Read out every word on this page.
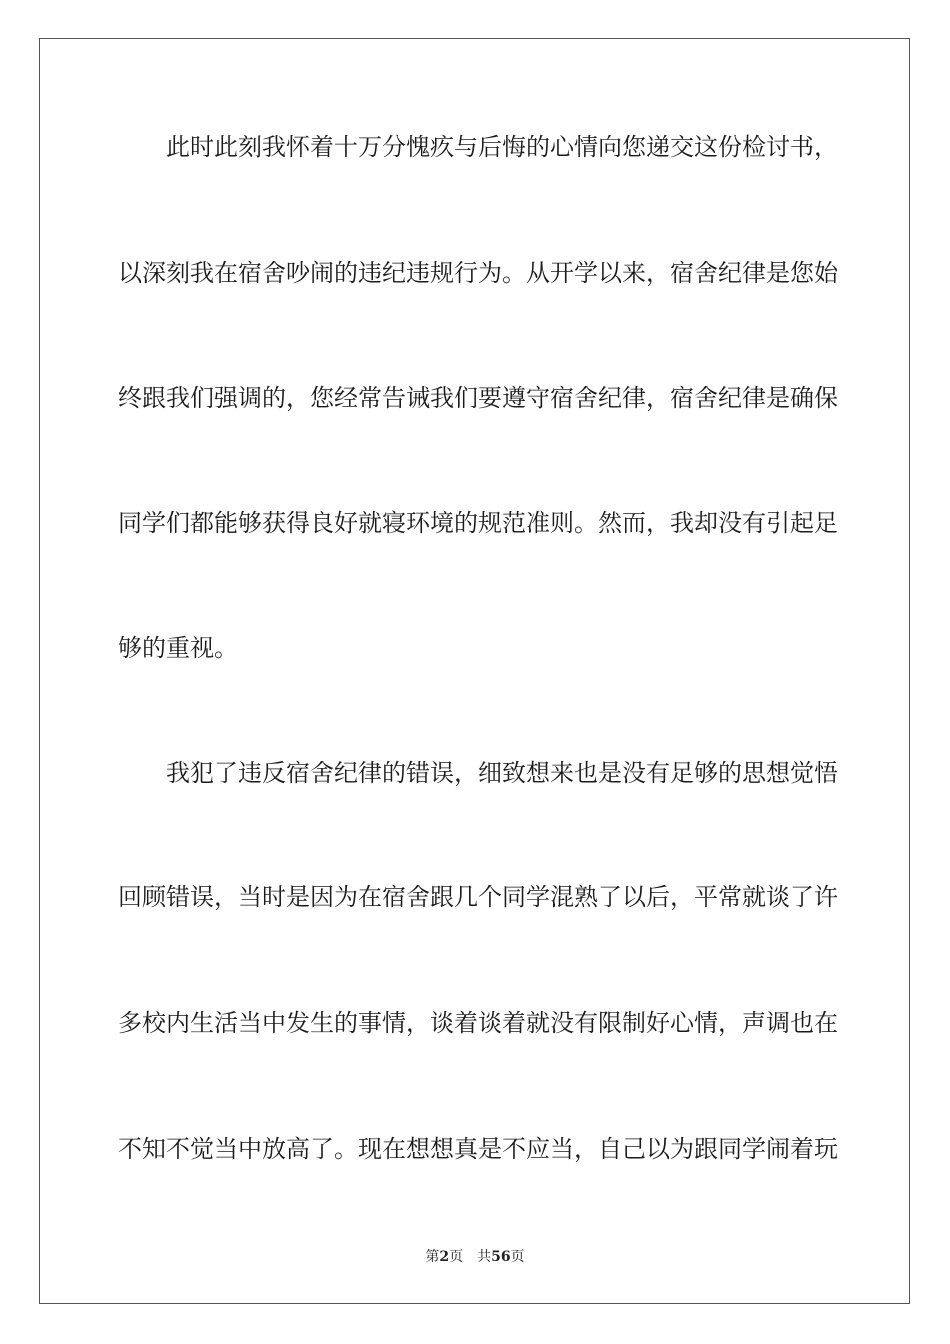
　　此时此刻我怀着十万分愧疚与后悔的心情向您递交这份检讨书，
以深刻我在宿舍吵闹的违纪违规行为。从开学以来，宿舍纪律是您始
终跟我们强调的，您经常告诫我们要遵守宿舍纪律，宿舍纪律是确保
同学们都能够获得良好就寝环境的规范准则。然而，我却没有引起足
够的重视。
　　我犯了违反宿舍纪律的错误，细致想来也是没有足够的思想觉悟
回顾错误，当时是因为在宿舍跟几个同学混熟了以后，平常就谈了许
多校内生活当中发生的事情，谈着谈着就没有限制好心情，声调也在
不知不觉当中放高了。现在想想真是不应当，自己以为跟同学闹着玩
第2页 共56页
